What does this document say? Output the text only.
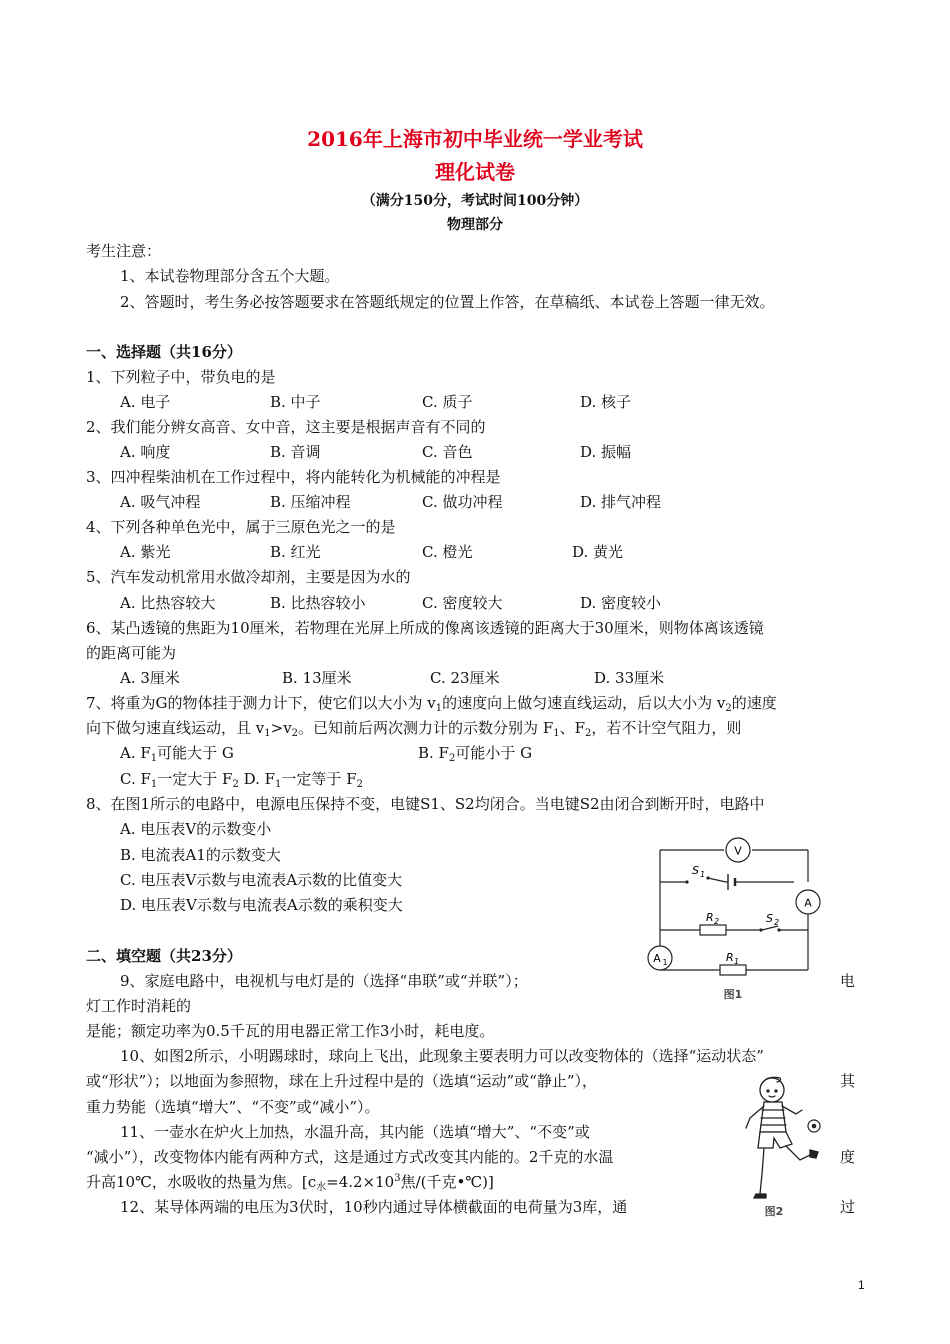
2016年上海市初中毕业统一学业考试
理化试卷
（满分150分，考试时间100分钟）
物理部分
考生注意：
1、本试卷物理部分含五个大题。
2、答题时，考生务必按答题要求在答题纸规定的位置上作答，在草稿纸、本试卷上答题一律无效。
一、选择题（共16分）
1、下列粒子中，带负电的是
A. 电子	B. 中子	C. 质子	D. 核子
2、我们能分辨女高音、女中音，这主要是根据声音有不同的
A. 响度	B. 音调	C. 音色	D. 振幅
3、四冲程柴油机在工作过程中，将内能转化为机械能的冲程是
A. 吸气冲程	B. 压缩冲程	C. 做功冲程	D. 排气冲程
4、下列各种单色光中，属于三原色光之一的是
A. 紫光	B. 红光	C. 橙光	D. 黄光
5、汽车发动机常用水做冷却剂，主要是因为水的
A. 比热容较大	B. 比热容较小	C. 密度较大	D. 密度较小
6、某凸透镜的焦距为10厘米，若物理在光屏上所成的像离该透镜的距离大于30厘米，则物体离该透镜
的距离可能为
A. 3厘米	B. 13厘米	C. 23厘米	D. 33厘米
7、将重为G的物体挂于测力计下，使它们以大小为 $v_1$的速度向上做匀速直线运动，后以大小为 $v_2$的速度
向下做匀速直线运动，且 $v_1>v_2$。已知前后两次测力计的示数分别为 $F_1$、$F_2$，若不计空气阻力，则
A. $F_1$可能大于 G	B. $F_2$可能小于 G
C. $F_1$一定大于 $F_2$ D. $F_1$一定等于 $F_2$
8、在图1所示的电路中，电源电压保持不变，电键S1、S2均闭合。当电键S2由闭合到断开时，电路中
A. 电压表V的示数变小
B. 电流表A1的示数变大
C. 电压表V示数与电流表A示数的比值变大
D. 电压表V示数与电流表A示数的乘积变大
V
A
A 1
S 1
S 2
R 2
R 1
图1
二、填空题（共23分）
9、家庭电路中，电视机与电灯是的（选择“串联”或“并联”）；	电
灯工作时消耗的
是能；额定功率为0.5千瓦的用电器正常工作3小时，耗电度。
10、如图2所示，小明踢球时，球向上飞出，此现象主要表明力可以改变物体的（选择“运动状态”
或“形状”）；以地面为参照物，球在上升过程中是的（选填“运动”或“静止”），	其
重力势能（选填“增大”、“不变”或“减小”）。
11、一壶水在炉火上加热，水温升高，其内能（选填“增大”、“不变”或
“减小”），改变物体内能有两种方式，这是通过方式改变其内能的。2千克的水温	度
升高10℃，水吸收的热量为焦。[$c_水=4.2\times 10^3$焦/(千克•℃)]
12、某导体两端的电压为3伏时，10秒内通过导体横截面的电荷量为3库，通	过
图2
1
